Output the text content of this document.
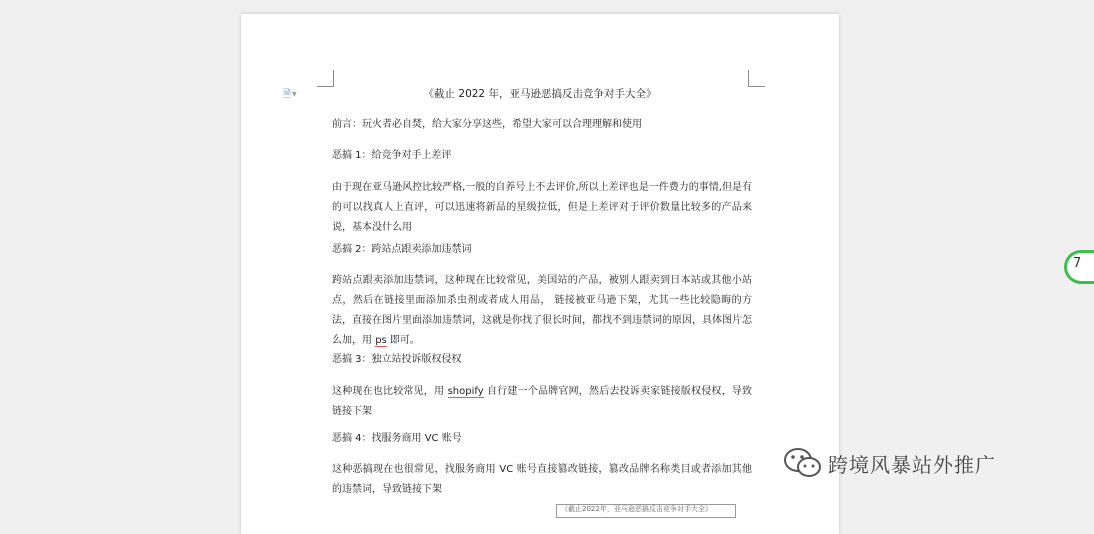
🗎▼	《截止 2022 年，亚马逊恶搞反击竞争对手大全》

前言：玩火者必自焚，给大家分享这些，希望大家可以合理理解和使用

恶搞 1：给竞争对手上差评

由于现在亚马逊风控比较严格,一般的自养号上不去评价,所以上差评也是一件费力的事情,但是有的可以找真人上直评，可以迅速将新品的星级拉低，但是上差评对于评价数量比较多的产品来说，基本没什么用

恶搞 2：跨站点跟卖添加违禁词

跨站点跟卖添加违禁词，这种现在比较常见，美国站的产品，被别人跟卖到日本站或其他小站点，然后在链接里面添加杀虫剂或者成人用品， 链接被亚马逊下架，尤其一些比较隐晦的方法，直接在图片里面添加违禁词，这就是你找了很长时间，都找不到违禁词的原因，具体图片怎么加，用 ps 即可。

恶搞 3：独立站投诉版权侵权

这种现在也比较常见，用 shopify 自行建一个品牌官网，然后去投诉卖家链接版权侵权，导致链接下架

恶搞 4：找服务商用 VC 账号

这种恶搞现在也很常见，找服务商用 VC 账号直接篡改链接，篡改品牌名称类目或者添加其他的违禁词，导致链接下架

《截止2022年，亚马逊恶搞反击竞争对手大全》
7
跨境风暴站外推广
